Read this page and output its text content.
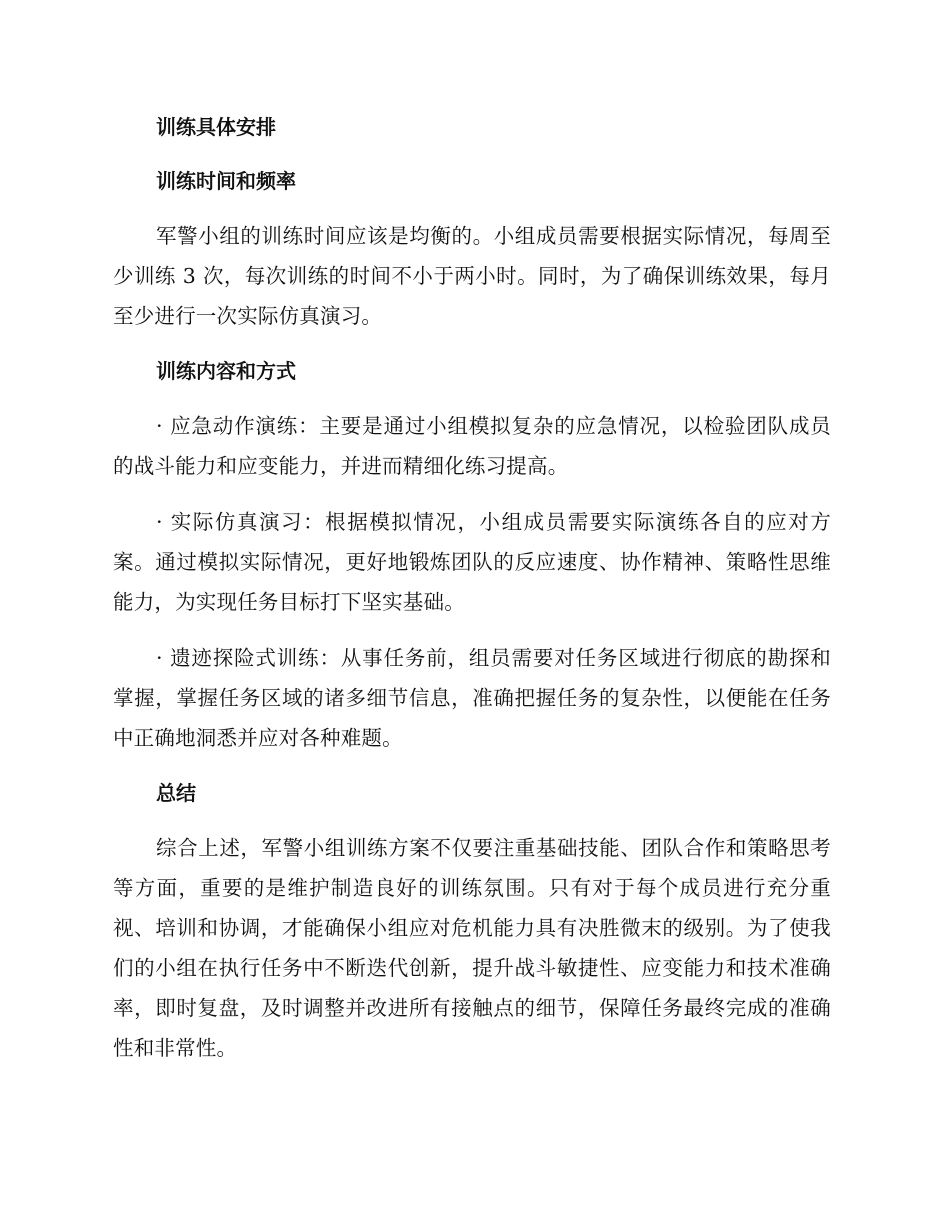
训练具体安排
训练时间和频率

军警小组的训练时间应该是均衡的。小组成员需要根据实际情况，每周至少训练 3 次，每次训练的时间不小于两小时。同时，为了确保训练效果，每月至少进行一次实际仿真演习。

训练内容和方式

· 应急动作演练：主要是通过小组模拟复杂的应急情况，以检验团队成员的战斗能力和应变能力，并进而精细化练习提高。

· 实际仿真演习：根据模拟情况，小组成员需要实际演练各自的应对方案。通过模拟实际情况，更好地锻炼团队的反应速度、协作精神、策略性思维能力，为实现任务目标打下坚实基础。

· 遗迹探险式训练：从事任务前，组员需要对任务区域进行彻底的勘探和掌握，掌握任务区域的诸多细节信息，准确把握任务的复杂性，以便能在任务中正确地洞悉并应对各种难题。

总结

综合上述，军警小组训练方案不仅要注重基础技能、团队合作和策略思考等方面，重要的是维护制造良好的训练氛围。只有对于每个成员进行充分重视、培训和协调，才能确保小组应对危机能力具有决胜微末的级别。为了使我们的小组在执行任务中不断迭代创新，提升战斗敏捷性、应变能力和技术准确率，即时复盘，及时调整并改进所有接触点的细节，保障任务最终完成的准确性和非常性。
